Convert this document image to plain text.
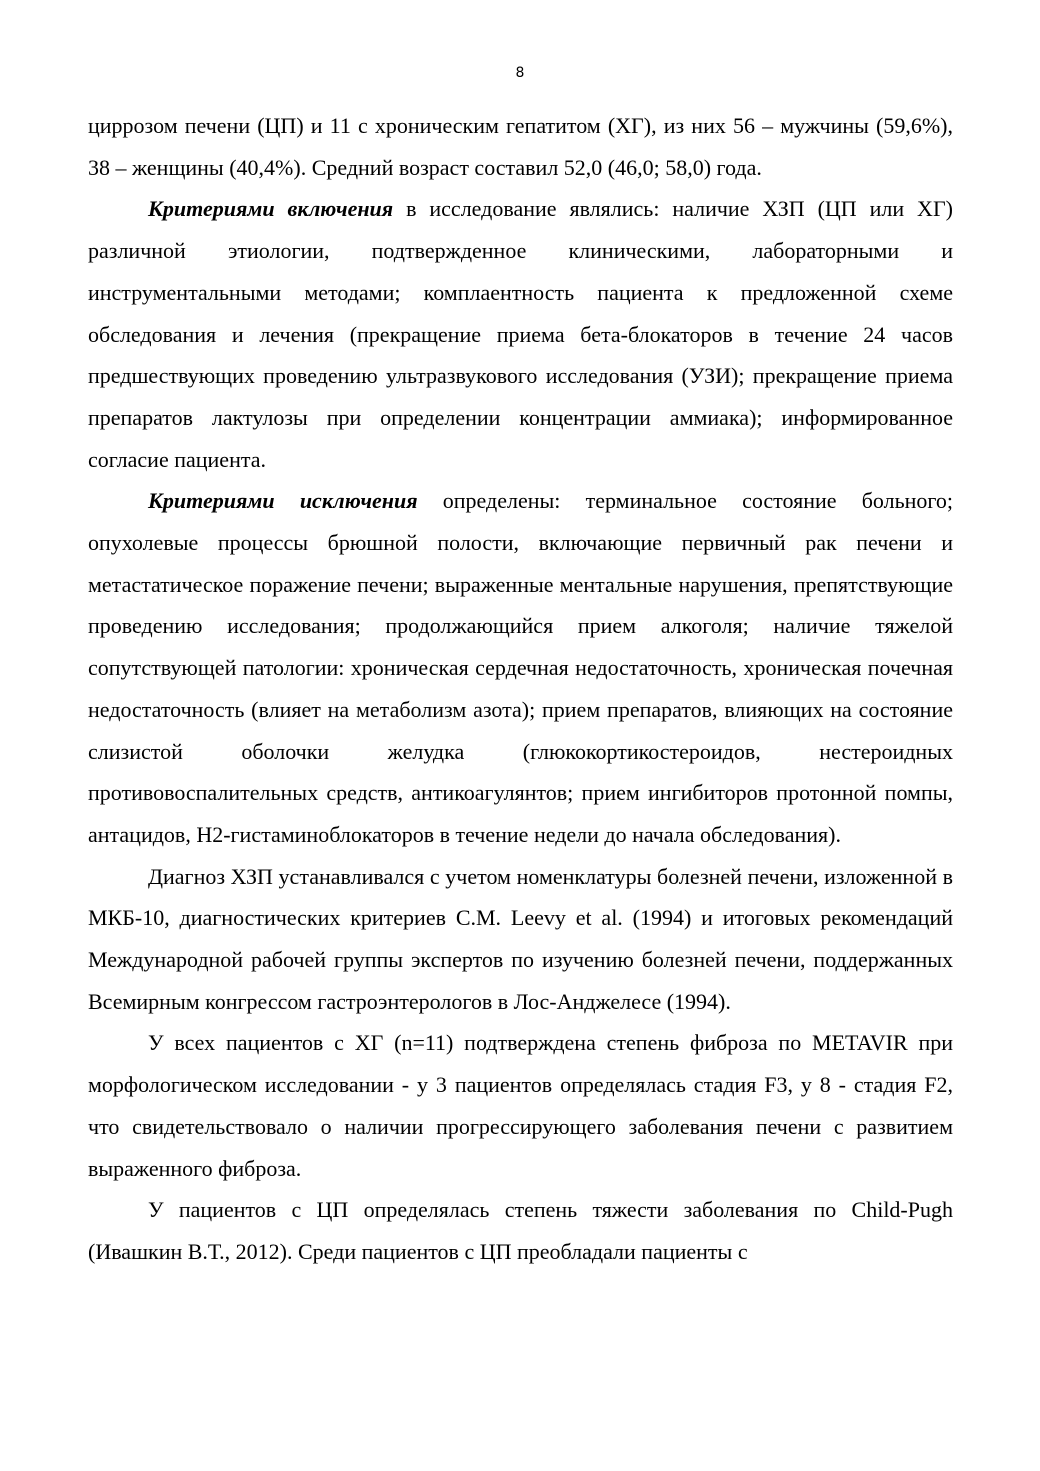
8

циррозом печени (ЦП) и 11 с хроническим гепатитом (ХГ), из них 56 – мужчины (59,6%), 38 – женщины (40,4%). Средний возраст составил 52,0 (46,0; 58,0) года.

Критериями включения в исследование являлись: наличие ХЗП (ЦП или ХГ) различной этиологии, подтвержденное клиническими, лабораторными и инструментальными методами; комплаентность пациента к предложенной схеме обследования и лечения (прекращение приема бета-блокаторов в течение 24 часов предшествующих проведению ультразвукового исследования (УЗИ); прекращение приема препаратов лактулозы при определении концентрации аммиака); информированное согласие пациента.

Критериями исключения определены: терминальное состояние больного; опухолевые процессы брюшной полости, включающие первичный рак печени и метастатическое поражение печени; выраженные ментальные нарушения, препятствующие проведению исследования; продолжающийся прием алкоголя; наличие тяжелой сопутствующей патологии: хроническая сердечная недостаточность, хроническая почечная недостаточность (влияет на метаболизм азота); прием препаратов, влияющих на состояние слизистой оболочки желудка (глюкокортикостероидов, нестероидных противовоспалительных средств, антикоагулянтов; прием ингибиторов протонной помпы, антацидов, Н2-гистаминоблокаторов в течение недели до начала обследования).

Диагноз ХЗП устанавливался с учетом номенклатуры болезней печени, изложенной в МКБ-10, диагностических критериев C.M. Leevy et al. (1994) и итоговых рекомендаций Международной рабочей группы экспертов по изучению болезней печени, поддержанных Всемирным конгрессом гастроэнтерологов в Лос-Анджелесе (1994).

У всех пациентов с ХГ (n=11) подтверждена степень фиброза по METAVIR при морфологическом исследовании - у 3 пациентов определялась стадия F3, у 8 - стадия F2, что свидетельствовало о наличии прогрессирующего заболевания печени с развитием выраженного фиброза.

У пациентов с ЦП определялась степень тяжести заболевания по Child-Pugh (Ивашкин В.Т., 2012). Среди пациентов с ЦП преобладали пациенты с
